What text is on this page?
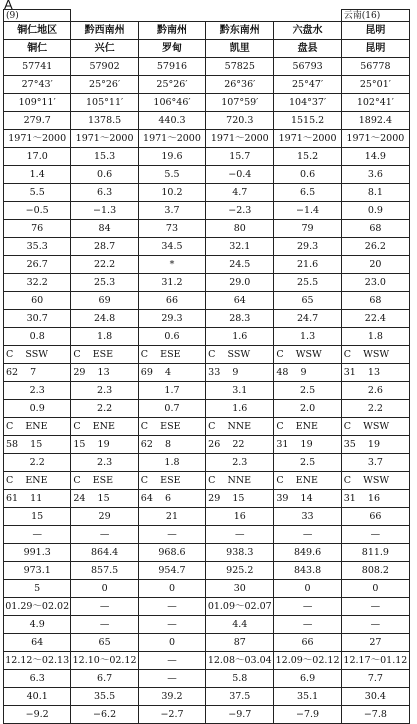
A
(9)					云南(16)
铜仁地区	黔西南州	黔南州	黔东南州	六盘水	昆明
铜仁	兴仁	罗甸	凯里	盘县	昆明
57741	57902	57916	57825	56793	56778
27°43′	25°26′	25°26′	26°36′	25°47′	25°01′
109°11′	105°11′	106°46′	107°59′	104°37′	102°41′
279.7	1378.5	440.3	720.3	1515.2	1892.4
1971～2000	1971～2000	1971～2000	1971～2000	1971～2000	1971～2000
17.0	15.3	19.6	15.7	15.2	14.9
1.4	0.6	5.5	−0.4	0.6	3.6
5.5	6.3	10.2	4.7	6.5	8.1
−0.5	−1.3	3.7	−2.3	−1.4	0.9
76	84	73	80	79	68
35.3	28.7	34.5	32.1	29.3	26.2
26.7	22.2	*	24.5	21.6	20
32.2	25.3	31.2	29.0	25.5	23.0
60	69	66	64	65	68
30.7	24.8	29.3	28.3	24.7	22.4
0.8	1.8	0.6	1.6	1.3	1.8
C    SSW	C    ESE	C    ESE	C    SSW	C    WSW	C    WSW
62    7	29    13	69    4	33    9	48    9	31    13
2.3	2.3	1.7	3.1	2.5	2.6
0.9	2.2	0.7	1.6	2.0	2.2
C    ENE	C    ENE	C    ESE	C    NNE	C    ENE	C    WSW
58    15	15    19	62    8	26    22	31    19	35    19
2.2	2.3	1.8	2.3	2.5	3.7
C    ENE	C    ESE	C    ESE	C    NNE	C    ENE	C    WSW
61    11	24    15	64    6	29    15	39    14	31    16
15	29	21	16	33	66
—	—	—	—	—	—
991.3	864.4	968.6	938.3	849.6	811.9
973.1	857.5	954.7	925.2	843.8	808.2
5	0	0	30	0	0
01.29～02.02	—	—	01.09～02.07	—	—
4.9	—	—	4.4	—	—
64	65	0	87	66	27
12.12～02.13	12.10～02.12	—	12.08～03.04	12.09～02.12	12.17～01.12
6.3	6.7	—	5.8	6.9	7.7
40.1	35.5	39.2	37.5	35.1	30.4
−9.2	−6.2	−2.7	−9.7	−7.9	−7.8
